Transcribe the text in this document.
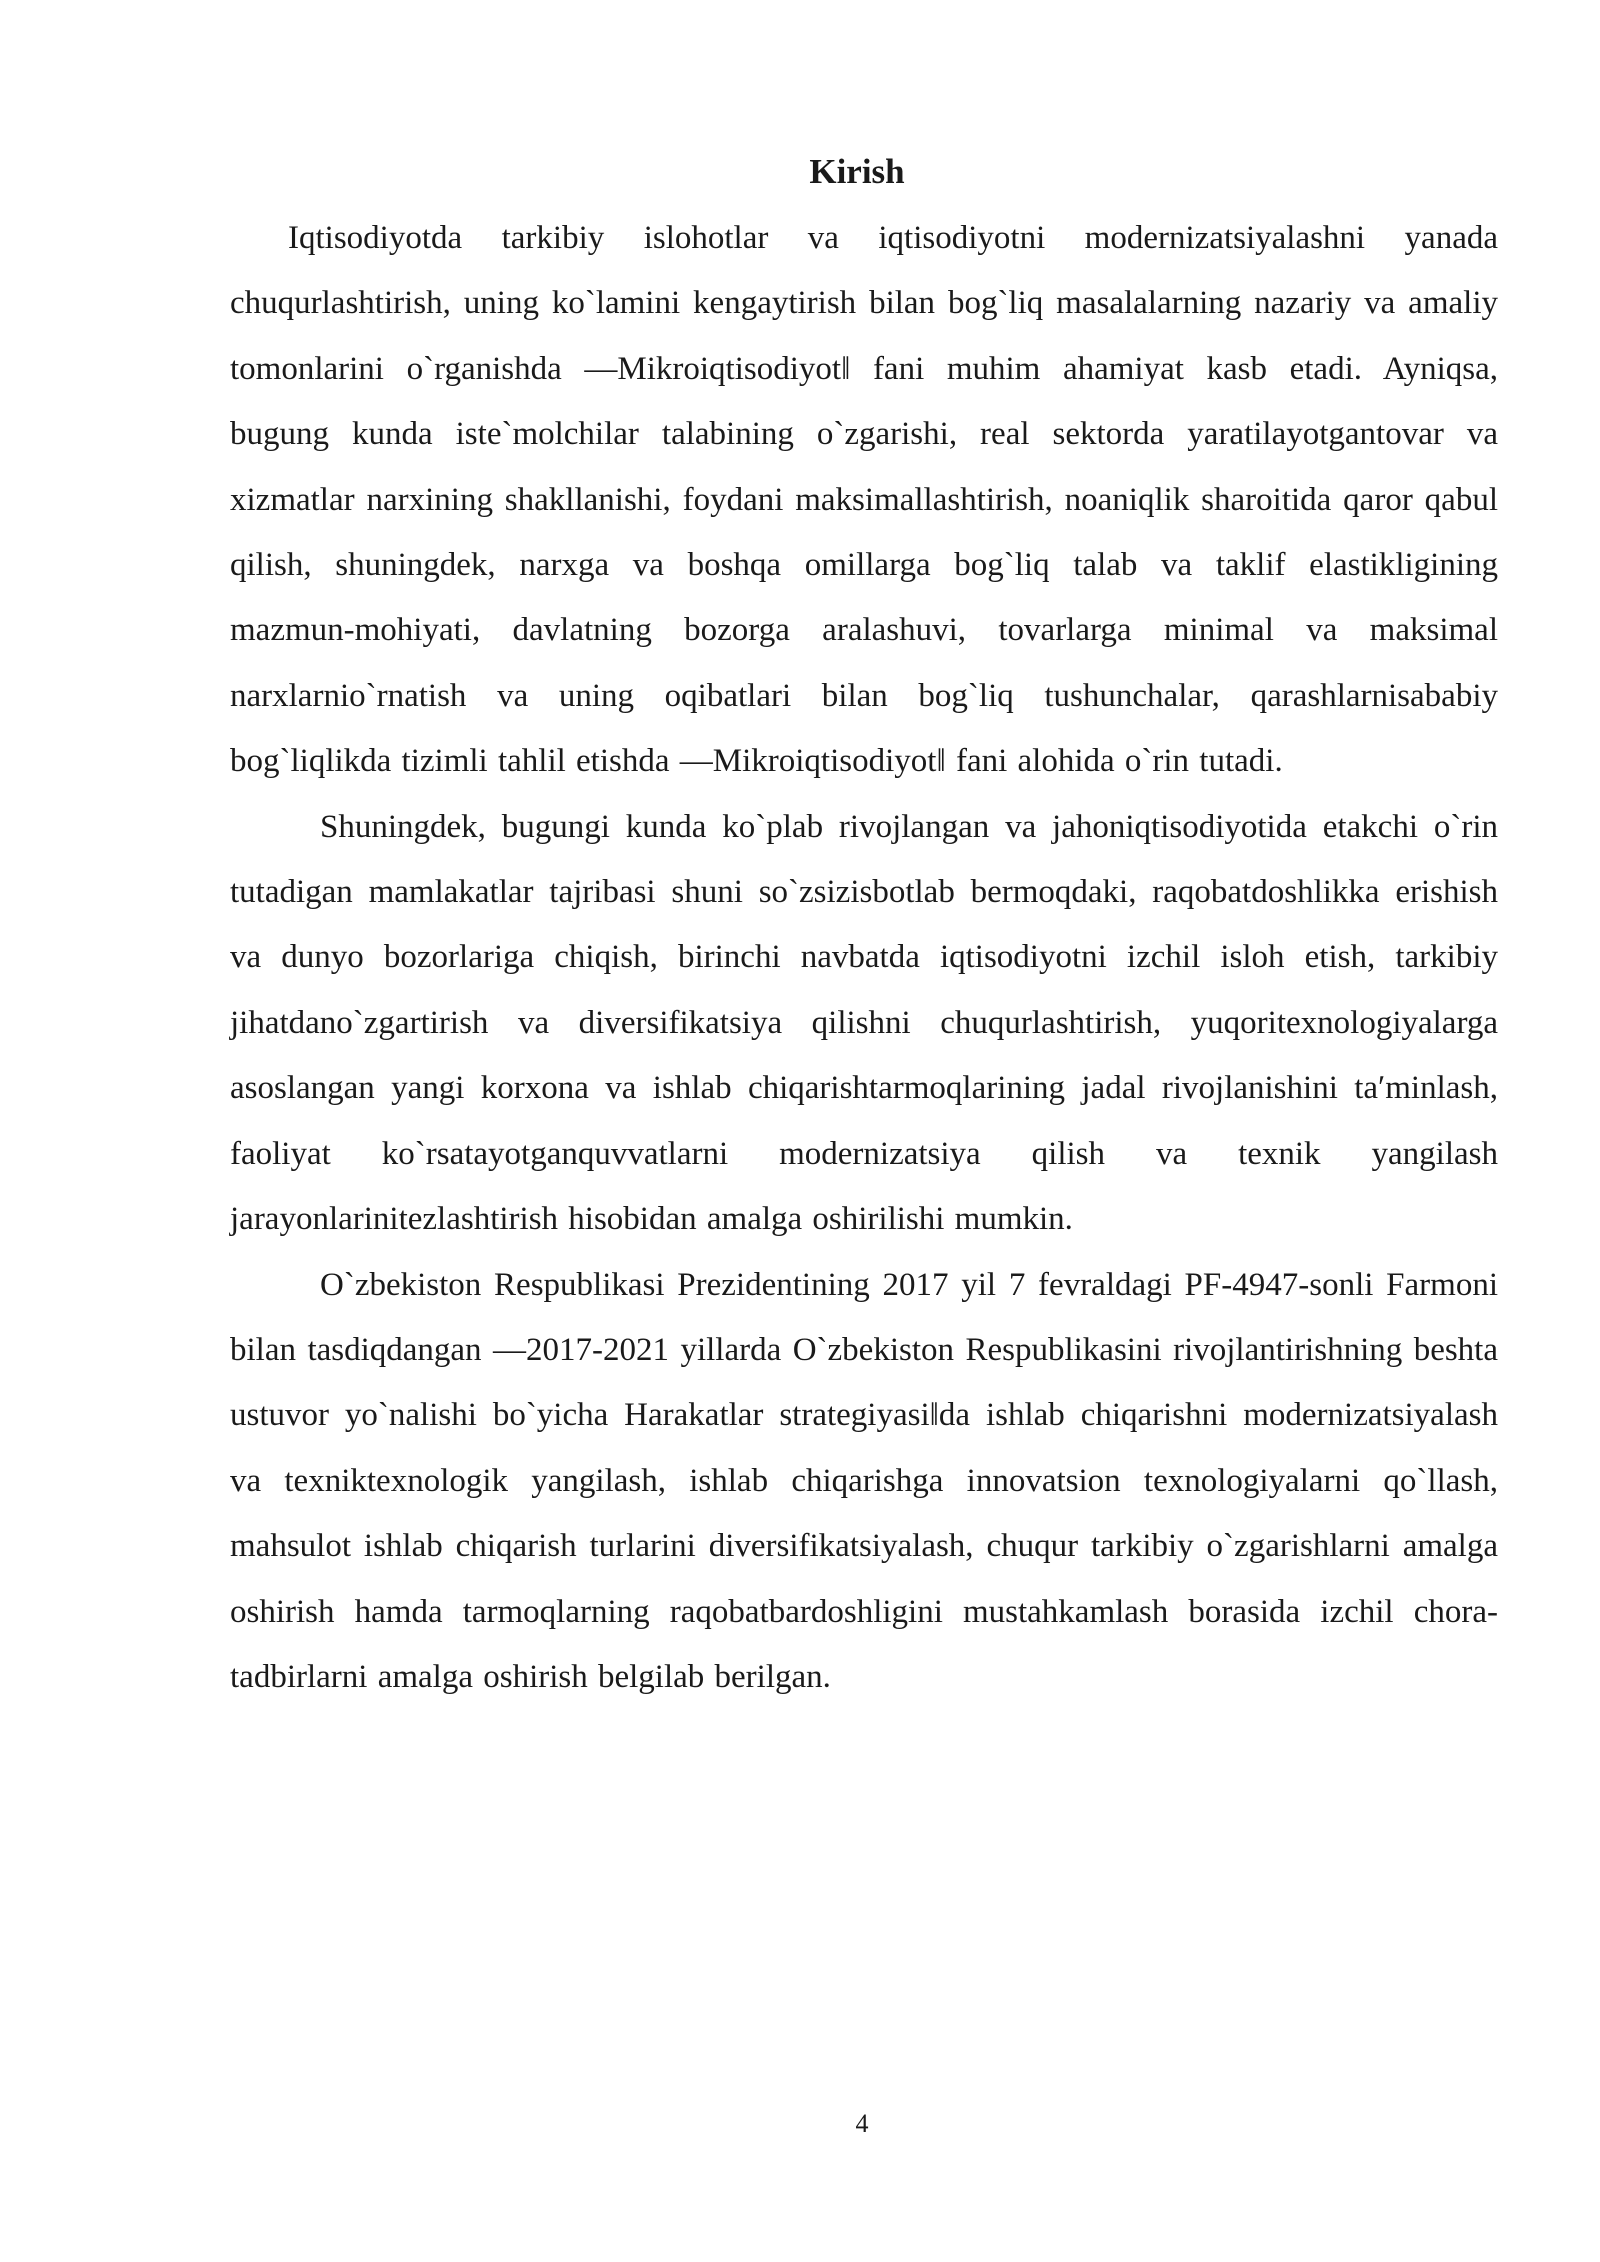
Kirish

Iqtisodiyotda tarkibiy islohotlar va iqtisodiyotni modernizatsiyalashni yanada chuqurlashtirish, uning ko`lamini kengaytirish bilan bog`liq masalalarning nazariy va amaliy tomonlarini o`rganishda ―Mikroiqtisodiyot‖ fani muhim ahamiyat kasb etadi. Ayniqsa, bugung kunda iste`molchilar talabining o`zgarishi, real sektorda yaratilayotgantovar va xizmatlar narxining shakllanishi, foydani maksimallashtirish, noaniqlik sharoitida qaror qabul qilish, shuningdek, narxga va boshqa omillarga bog`liq talab va taklif elastikligining mazmun-mohiyati, davlatning bozorga aralashuvi, tovarlarga minimal va maksimal narxlarnio`rnatish va uning oqibatlari bilan bog`liq tushunchalar, qarashlarnisababiy bog`liqlikda tizimli tahlil etishda ―Mikroiqtisodiyot‖ fani alohida o`rin tutadi.

Shuningdek, bugungi kunda ko`plab rivojlangan va jahoniqtisodiyotida etakchi o`rin tutadigan mamlakatlar tajribasi shuni so`zsizisbotlab bermoqdaki, raqobatdoshlikka erishish va dunyo bozorlariga chiqish, birinchi navbatda iqtisodiyotni izchil isloh etish, tarkibiy jihatdano`zgartirish va diversifikatsiya qilishni chuqurlashtirish, yuqoritexnologiyalarga asoslangan yangi korxona va ishlab chiqarishtarmoqlarining jadal rivojlanishini taʹminlash, faoliyat ko`rsatayotganquvvatlarni modernizatsiya qilish va texnik yangilash jarayonlarinitezlashtirish hisobidan amalga oshirilishi mumkin.

O`zbekiston Respublikasi Prezidentining 2017 yil 7 fevraldagi PF-4947-sonli Farmoni bilan tasdiqdangan ―2017-2021 yillarda O`zbekiston Respublikasini rivojlantirishning beshta ustuvor yo`nalishi bo`yicha Harakatlar strategiyasi‖da ishlab chiqarishni modernizatsiyalash va texniktexnologik yangilash, ishlab chiqarishga innovatsion texnologiyalarni qo`llash, mahsulot ishlab chiqarish turlarini diversifikatsiyalash, chuqur tarkibiy o`zgarishlarni amalga oshirish hamda tarmoqlarning raqobatbardoshligini mustahkamlash borasida izchil chora-tadbirlarni amalga oshirish belgilab berilgan.

4
